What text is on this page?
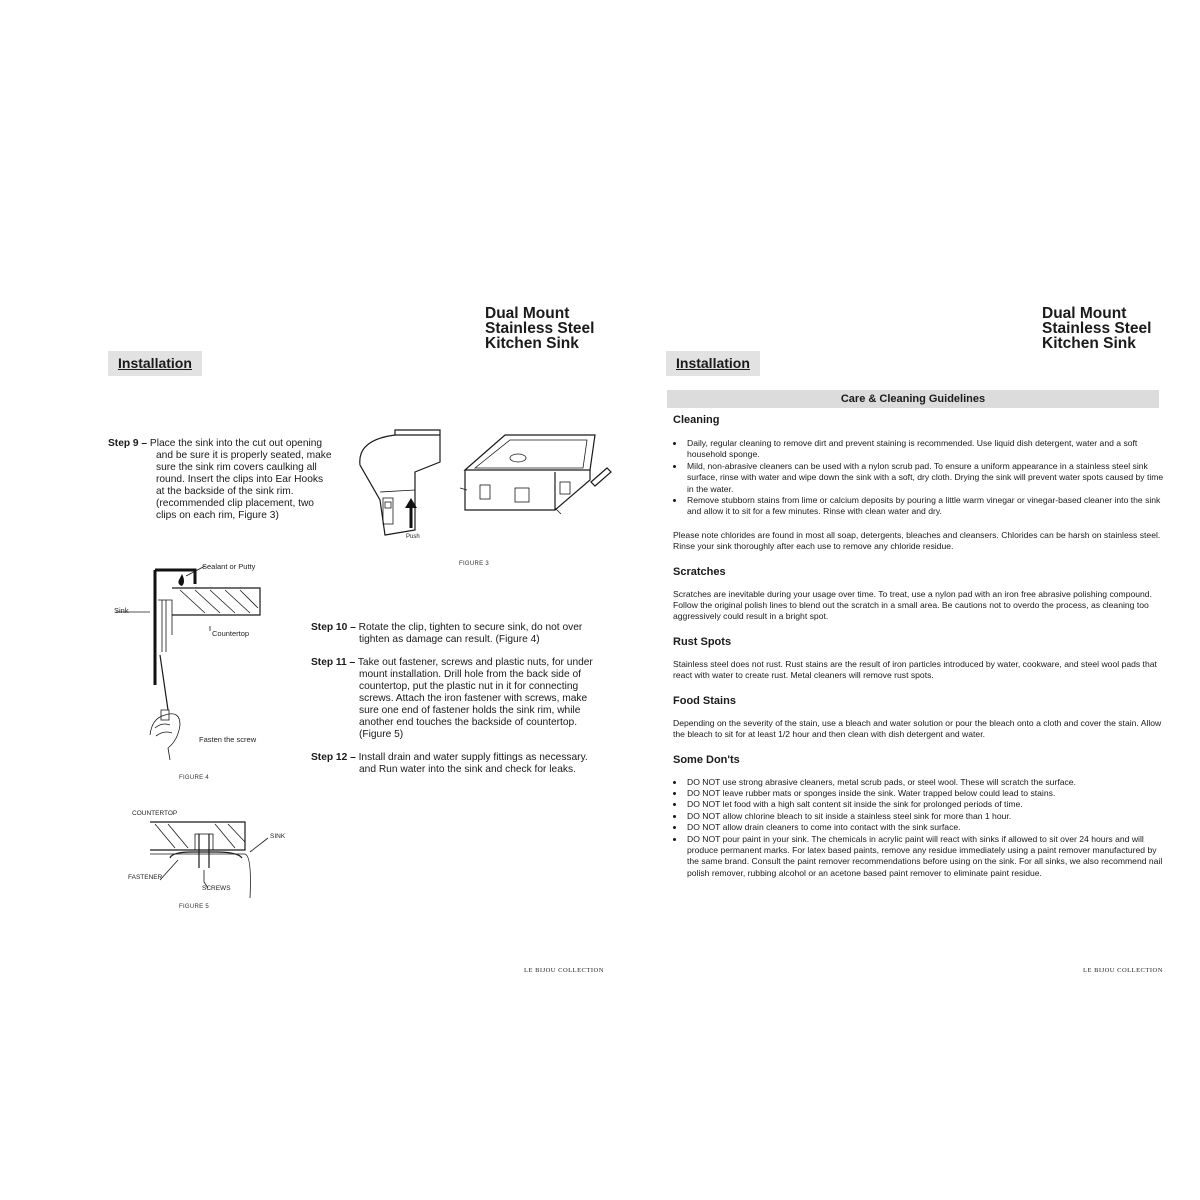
Dual Mount
Stainless Steel
Kitchen Sink
Installation
Step 9 – Place the sink into the cut out opening and be sure it is properly seated, make sure the sink rim covers caulking all round. Insert the clips into Ear Hooks at the backside of the sink rim. (recommended clip placement, two clips on each rim, Figure 3)
Push
FIGURE 3
Sealant or Putty
Sink
Countertop
Fasten the screw
FIGURE 4
Step 10 – Rotate the clip, tighten to secure sink, do not over tighten as damage can result. (Figure 4)
Step 11 – Take out fastener, screws and plastic nuts, for under mount installation. Drill hole from the back side of countertop, put the plastic nut in it for connecting screws. Attach the iron fastener with screws, make sure one end of fastener holds the sink rim, while another end touches the backside of countertop. (Figure 5)
Step 12 – Install drain and water supply fittings as necessary. and Run water into the sink and check for leaks.
COUNTERTOP
SINK
FASTENER
SCREWS
FIGURE 5
LE BIJOU COLLECTION
Dual Mount
Stainless Steel
Kitchen Sink
Installation
Care & Cleaning Guidelines
Cleaning
• Daily, regular cleaning to remove dirt and prevent staining is recommended. Use liquid dish detergent, water and a soft household sponge.
• Mild, non-abrasive cleaners can be used with a nylon scrub pad. To ensure a uniform appearance in a stainless steel sink surface, rinse with water and wipe down the sink with a soft, dry cloth. Drying the sink will prevent water spots caused by time in the water.
• Remove stubborn stains from lime or calcium deposits by pouring a little warm vinegar or vinegar-based cleaner into the sink and allow it to sit for a few minutes. Rinse with clean water and dry.
Please note chlorides are found in most all soap, detergents, bleaches and cleansers. Chlorides can be harsh on stainless steel. Rinse your sink thoroughly after each use to remove any chloride residue.
Scratches
Scratches are inevitable during your usage over time. To treat, use a nylon pad with an iron free abrasive polishing compound. Follow the original polish lines to blend out the scratch in a small area. Be cautions not to overdo the process, as cleaning too aggressively could result in a bright spot.
Rust Spots
Stainless steel does not rust. Rust stains are the result of iron particles introduced by water, cookware, and steel wool pads that react with water to create rust. Metal cleaners will remove rust spots.
Food Stains
Depending on the severity of the stain, use a bleach and water solution or pour the bleach onto a cloth and cover the stain. Allow the bleach to sit for at least 1/2 hour and then clean with dish detergent and water.
Some Don'ts
• DO NOT use strong abrasive cleaners, metal scrub pads, or steel wool. These will scratch the surface.
• DO NOT leave rubber mats or sponges inside the sink. Water trapped below could lead to stains.
• DO NOT let food with a high salt content sit inside the sink for prolonged periods of time.
• DO NOT allow chlorine bleach to sit inside a stainless steel sink for more than 1 hour.
• DO NOT allow drain cleaners to come into contact with the sink surface.
• DO NOT pour paint in your sink. The chemicals in acrylic paint will react with sinks if allowed to sit over 24 hours and will produce permanent marks. For latex based paints, remove any residue immediately using a paint remover manufactured by the same brand. Consult the paint remover recommendations before using on the sink. For all sinks, we also recommend nail polish remover, rubbing alcohol or an acetone based paint remover to eliminate paint residue.
LE BIJOU COLLECTION
